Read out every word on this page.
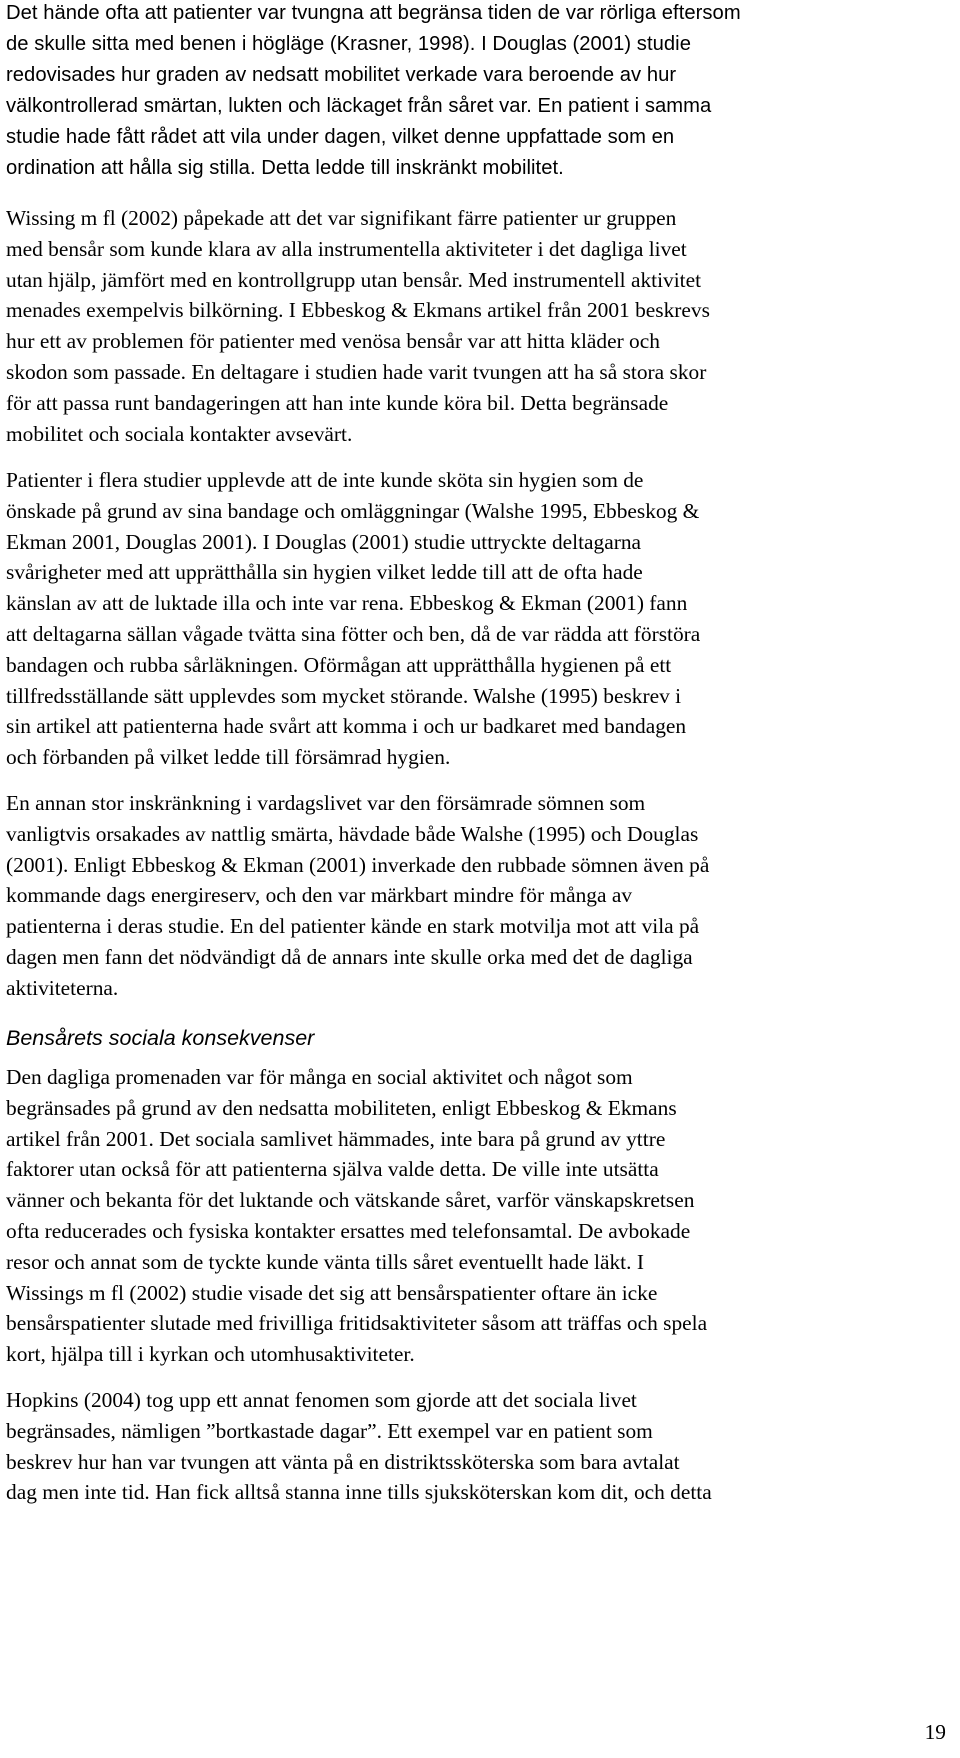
Det hände ofta att patienter var tvungna att begränsa tiden de var rörliga eftersom
de skulle sitta med benen i högläge (Krasner, 1998). I Douglas (2001) studie
redovisades hur graden av nedsatt mobilitet verkade vara beroende av hur
välkontrollerad smärtan, lukten och läckaget från såret var. En patient i samma
studie hade fått rådet att vila under dagen, vilket denne uppfattade som en
ordination att hålla sig stilla. Detta ledde till inskränkt mobilitet.

Wissing m fl (2002) påpekade att det var signifikant färre patienter ur gruppen
med bensår som kunde klara av alla instrumentella aktiviteter i det dagliga livet
utan hjälp, jämfört med en kontrollgrupp utan bensår. Med instrumentell aktivitet
menades exempelvis bilkörning. I Ebbeskog & Ekmans artikel från 2001 beskrevs
hur ett av problemen för patienter med venösa bensår var att hitta kläder och
skodon som passade. En deltagare i studien hade varit tvungen att ha så stora skor
för att passa runt bandageringen att han inte kunde köra bil. Detta begränsade
mobilitet och sociala kontakter avsevärt.

Patienter i flera studier upplevde att de inte kunde sköta sin hygien som de
önskade på grund av sina bandage och omläggningar (Walshe 1995, Ebbeskog &
Ekman 2001, Douglas 2001). I Douglas (2001) studie uttryckte deltagarna
svårigheter med att upprätthålla sin hygien vilket ledde till att de ofta hade
känslan av att de luktade illa och inte var rena. Ebbeskog & Ekman (2001) fann
att deltagarna sällan vågade tvätta sina fötter och ben, då de var rädda att förstöra
bandagen och rubba sårläkningen. Oförmågan att upprätthålla hygienen på ett
tillfredsställande sätt upplevdes som mycket störande. Walshe (1995) beskrev i
sin artikel att patienterna hade svårt att komma i och ur badkaret med bandagen
och förbanden på vilket ledde till försämrad hygien.

En annan stor inskränkning i vardagslivet var den försämrade sömnen som
vanligtvis orsakades av nattlig smärta, hävdade både Walshe (1995) och Douglas
(2001). Enligt Ebbeskog & Ekman (2001) inverkade den rubbade sömnen även på
kommande dags energireserv, och den var märkbart mindre för många av
patienterna i deras studie. En del patienter kände en stark motvilja mot att vila på
dagen men fann det nödvändigt då de annars inte skulle orka med det de dagliga
aktiviteterna.

Bensårets sociala konsekvenser

Den dagliga promenaden var för många en social aktivitet och något som
begränsades på grund av den nedsatta mobiliteten, enligt Ebbeskog & Ekmans
artikel från 2001. Det sociala samlivet hämmades, inte bara på grund av yttre
faktorer utan också för att patienterna själva valde detta. De ville inte utsätta
vänner och bekanta för det luktande och vätskande såret, varför vänskapskretsen
ofta reducerades och fysiska kontakter ersattes med telefonsamtal. De avbokade
resor och annat som de tyckte kunde vänta tills såret eventuellt hade läkt. I
Wissings m fl (2002) studie visade det sig att bensårspatienter oftare än icke
bensårspatienter slutade med frivilliga fritidsaktiviteter såsom att träffas och spela
kort, hjälpa till i kyrkan och utomhusaktiviteter.

Hopkins (2004) tog upp ett annat fenomen som gjorde att det sociala livet
begränsades, nämligen ”bortkastade dagar”. Ett exempel var en patient som
beskrev hur han var tvungen att vänta på en distriktssköterska som bara avtalat
dag men inte tid. Han fick alltså stanna inne tills sjuksköterskan kom dit, och detta

19
